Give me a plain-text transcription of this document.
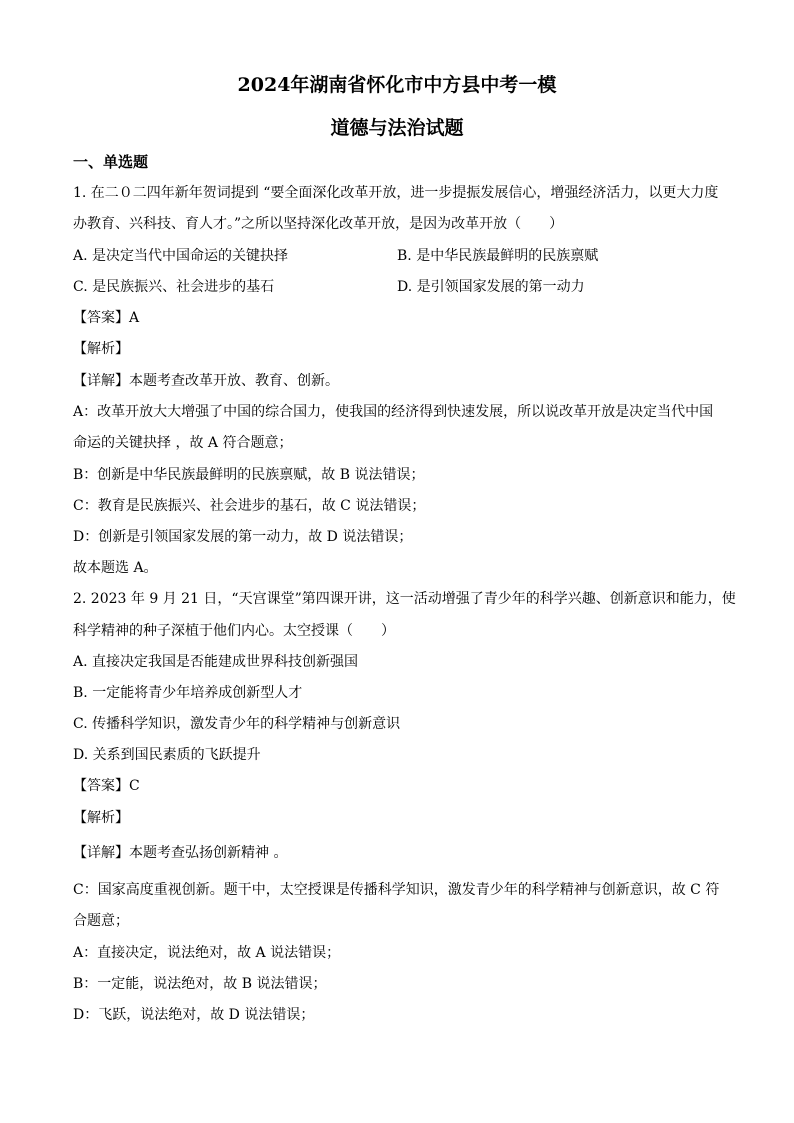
2024年湖南省怀化市中方县中考一模
道德与法治试题
一、单选题
1. 在二０二四年新年贺词提到 “要全面深化改革开放，进一步提振发展信心，增强经济活力，以更大力度
办教育、兴科技、育人才。”之所以坚持深化改革开放，是因为改革开放（　　）
A. 是决定当代中国命运的关键抉择	B. 是中华民族最鲜明的民族禀赋
C. 是民族振兴、社会进步的基石	D. 是引领国家发展的第一动力
【答案】A
【解析】
【详解】本题考查改革开放、教育、创新。
A：改革开放大大增强了中国的综合国力，使我国的经济得到快速发展，所以说改革开放是决定当代中国
命运的关键抉择 ，故 A 符合题意；
B：创新是中华民族最鲜明的民族禀赋，故 B 说法错误；
C：教育是民族振兴、社会进步的基石，故 C 说法错误；
D：创新是引领国家发展的第一动力，故 D 说法错误；
故本题选 A。
2. 2023 年 9 月 21 日，“天宫课堂”第四课开讲，这一活动增强了青少年的科学兴趣、创新意识和能力，使
科学精神的种子深植于他们内心。太空授课（　　）
A. 直接决定我国是否能建成世界科技创新强国
B. 一定能将青少年培养成创新型人才
C. 传播科学知识，激发青少年的科学精神与创新意识
D. 关系到国民素质的飞跃提升
【答案】C
【解析】
【详解】本题考查弘扬创新精神 。
C：国家高度重视创新。题干中，太空授课是传播科学知识，激发青少年的科学精神与创新意识，故 C 符
合题意；
A：直接决定，说法绝对，故 A 说法错误；
B：一定能，说法绝对，故 B 说法错误；
D：飞跃，说法绝对，故 D 说法错误；
